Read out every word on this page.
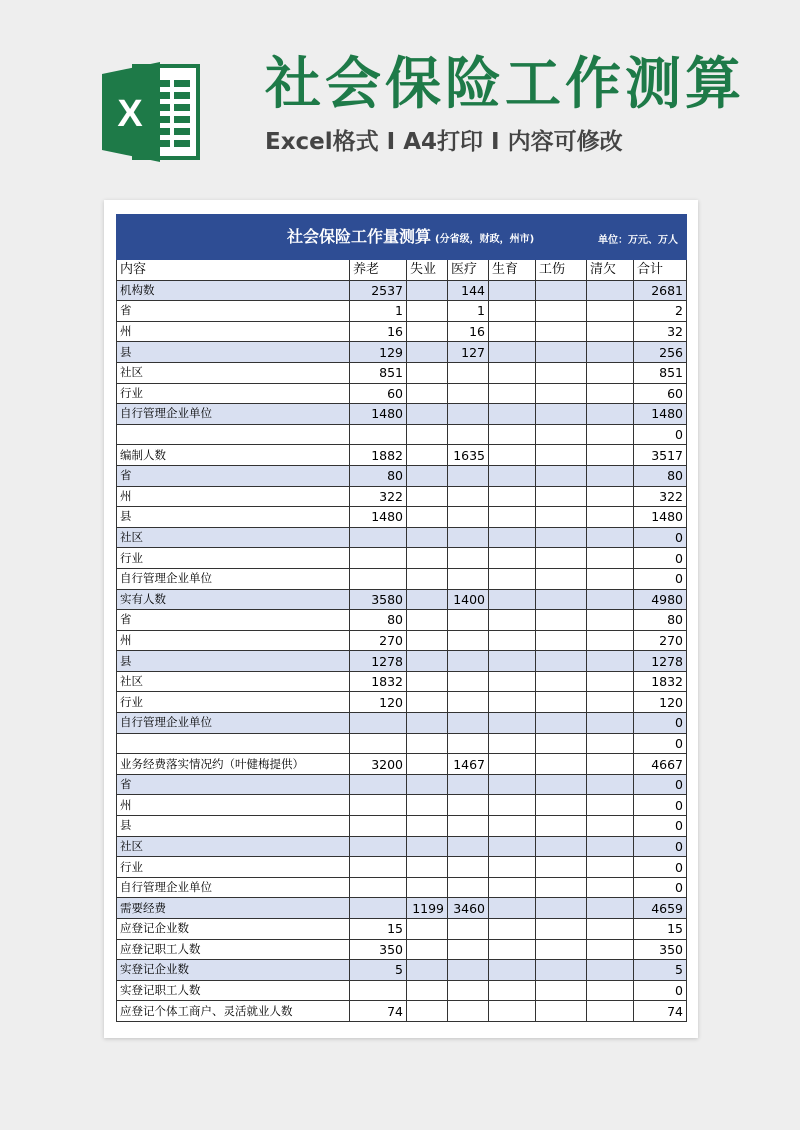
X 社会保险工作测算
Excel格式 I A4打印 I 内容可修改
社会保险工作量测算 (分省级，财政，州市) 单位：万元、万人							

内容	养老	失业	医疗	生育	工伤	清欠	合计
机构数	2537		144				2681
省	1		1				2
州	16		16				32
县	129		127				256
社区	851						851
行业	60						60
自行管理企业单位	1480						1480
							0
编制人数	1882		1635				3517
省	80						80
州	322						322
县	1480						1480
社区							0
行业							0
自行管理企业单位							0
实有人数	3580		1400				4980
省	80						80
州	270						270
县	1278						1278
社区	1832						1832
行业	120						120
自行管理企业单位							0
							0
业务经费落实情况约（叶健梅提供）	3200		1467				4667
省							0
州							0
县							0
社区							0
行业							0
自行管理企业单位							0
需要经费		1199	3460				4659
应登记企业数	15						15
应登记职工人数	350						350
实登记企业数	5						5
实登记职工人数							0
应登记个体工商户、灵活就业人数	74						74
